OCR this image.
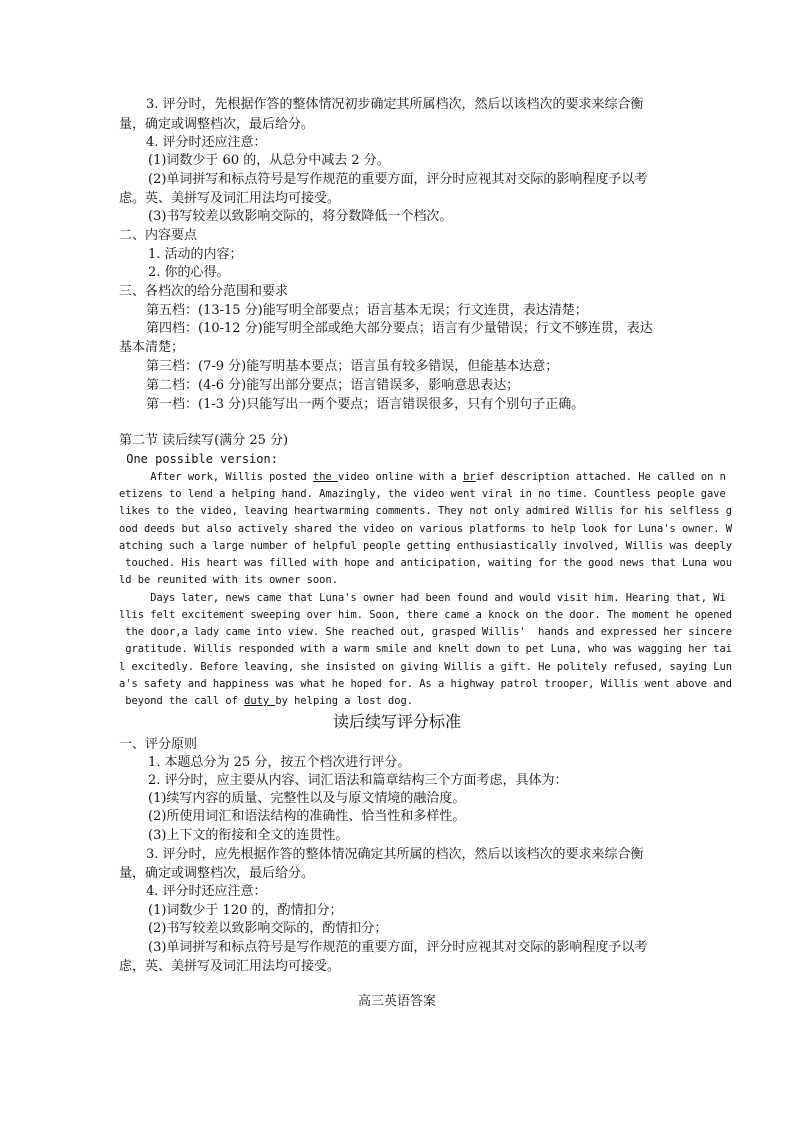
3. 评分时，先根据作答的整体情况初步确定其所属档次，然后以该档次的要求来综合衡
量，确定或调整档次，最后给分。
4. 评分时还应注意：
(1)词数少于 60 的，从总分中减去 2 分。
(2)单词拼写和标点符号是写作规范的重要方面，评分时应视其对交际的影响程度予以考
虑。英、美拼写及词汇用法均可接受。
(3)书写较差以致影响交际的，将分数降低一个档次。
二、内容要点
1. 活动的内容；
2. 你的心得。
三、各档次的给分范围和要求
第五档：(13-15 分)能写明全部要点；语言基本无误；行文连贯，表达清楚；
第四档：(10-12 分)能写明全部或绝大部分要点；语言有少量错误；行文不够连贯，表达
基本清楚；
第三档：(7-9 分)能写明基本要点；语言虽有较多错误，但能基本达意；
第二档：(4-6 分)能写出部分要点；语言错误多，影响意思表达；
第一档：(1-3 分)只能写出一两个要点；语言错误很多，只有个别句子正确。
第二节 读后续写(满分 25 分)
One possible version:
After work, Willis posted the video online with a brief description attached. He called on n
etizens to lend a helping hand. Amazingly, the video went viral in no time. Countless people gave
likes to the video, leaving heartwarming comments. They not only admired Willis for his selfless g
ood deeds but also actively shared the video on various platforms to help look for Luna's owner. W
atching such a large number of helpful people getting enthusiastically involved, Willis was deeply
touched. His heart was filled with hope and anticipation, waiting for the good news that Luna wou
ld be reunited with its owner soon.
Days later, news came that Luna's owner had been found and would visit him. Hearing that, Wi
llis felt excitement sweeping over him. Soon, there came a knock on the door. The moment he opened
the door,a lady came into view. She reached out, grasped Willis'  hands and expressed her sincere
gratitude. Willis responded with a warm smile and knelt down to pet Luna, who was wagging her tai
l excitedly. Before leaving, she insisted on giving Willis a gift. He politely refused, saying Lun
a's safety and happiness was what he hoped for. As a highway patrol trooper, Willis went above and
beyond the call of duty by helping a lost dog.
读后续写评分标准
一、评分原则
1. 本题总分为 25 分，按五个档次进行评分。
2. 评分时，应主要从内容、词汇语法和篇章结构三个方面考虑，具体为：
(1)续写内容的质量、完整性以及与原文情境的融洽度。
(2)所使用词汇和语法结构的准确性、恰当性和多样性。
(3)上下文的衔接和全文的连贯性。
3. 评分时，应先根据作答的整体情况确定其所属的档次，然后以该档次的要求来综合衡
量，确定或调整档次，最后给分。
4. 评分时还应注意：
(1)词数少于 120 的，酌情扣分；
(2)书写较差以致影响交际的，酌情扣分；
(3)单词拼写和标点符号是写作规范的重要方面，评分时应视其对交际的影响程度予以考
虑，英、美拼写及词汇用法均可接受。
高三英语答案
